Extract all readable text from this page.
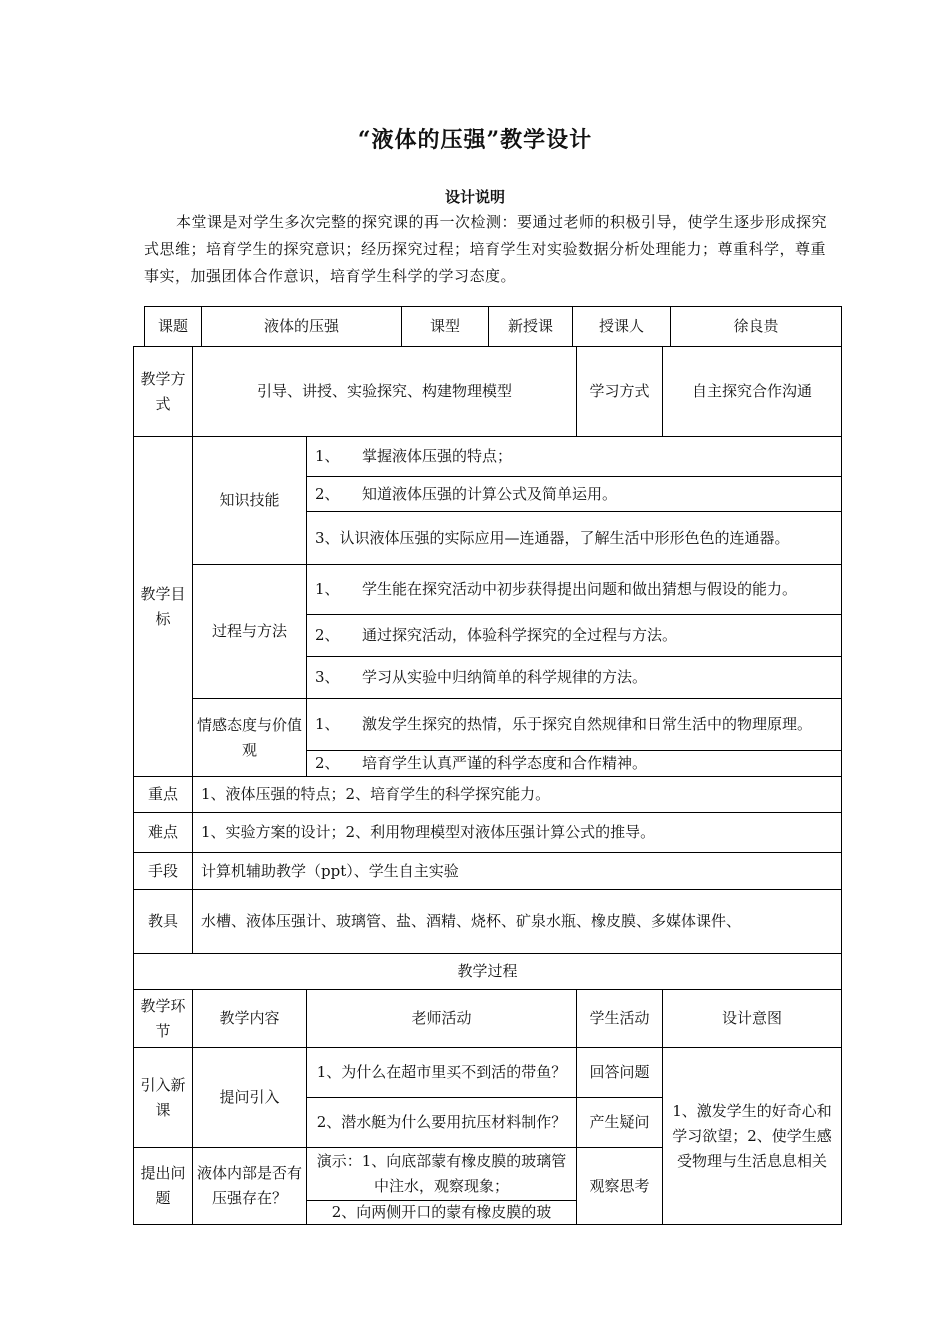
“液体的压强”教学设计
设计说明
本堂课是对学生多次完整的探究课的再一次检测：要通过老师的积极引导，使学生逐步形成探究式思维；培育学生的探究意识；经历探究过程；培育学生对实验数据分析处理能力；尊重科学，尊重事实，加强团体合作意识，培育学生科学的学习态度。
课题	液体的压强	课型	新授课	授课人	徐良贵
教学方式	引导、讲授、实验探究、构建物理模型		学习方式	自主探究合作沟通
教学目标	知识技能	1、　　掌握液体压强的特点；		
		2、　　知道液体压强的计算公式及简单运用。		
		3、认识液体压强的实际应用—连通器，了解生活中形形色色的连通器。		
	过程与方法	1、　　学生能在探究活动中初步获得提出问题和做出猜想与假设的能力。		
		2、　　通过探究活动，体验科学探究的全过程与方法。		
		3、　　学习从实验中归纳简单的科学规律的方法。		
	情感态度与价值观	1、　　激发学生探究的热情，乐于探究自然规律和日常生活中的物理原理。		
		2、　　培育学生认真严谨的科学态度和合作精神。		
重点	1、液体压强的特点；2、培育学生的科学探究能力。			
难点	1、实验方案的设计；2、利用物理模型对液体压强计算公式的推导。			
手段	计算机辅助教学（ppt）、学生自主实验			
教具	水槽、液体压强计、玻璃管、盐、酒精、烧杯、矿泉水瓶、橡皮膜、多媒体课件、			
教学过程				
教学环节	教学内容	老师活动	学生活动	设计意图
引入新课	提问引入	1、为什么在超市里买不到活的带鱼？	回答问题	1、激发学生的好奇心和学习欲望；2、使学生感受物理与生活息息相关
		2、潜水艇为什么要用抗压材料制作？	产生疑问	
提出问题	液体内部是否有压强存在？	演示：1、向底部蒙有橡皮膜的玻璃管中注水，观察现象；	观察思考	
		2、向两侧开口的蒙有橡皮膜的玻		
